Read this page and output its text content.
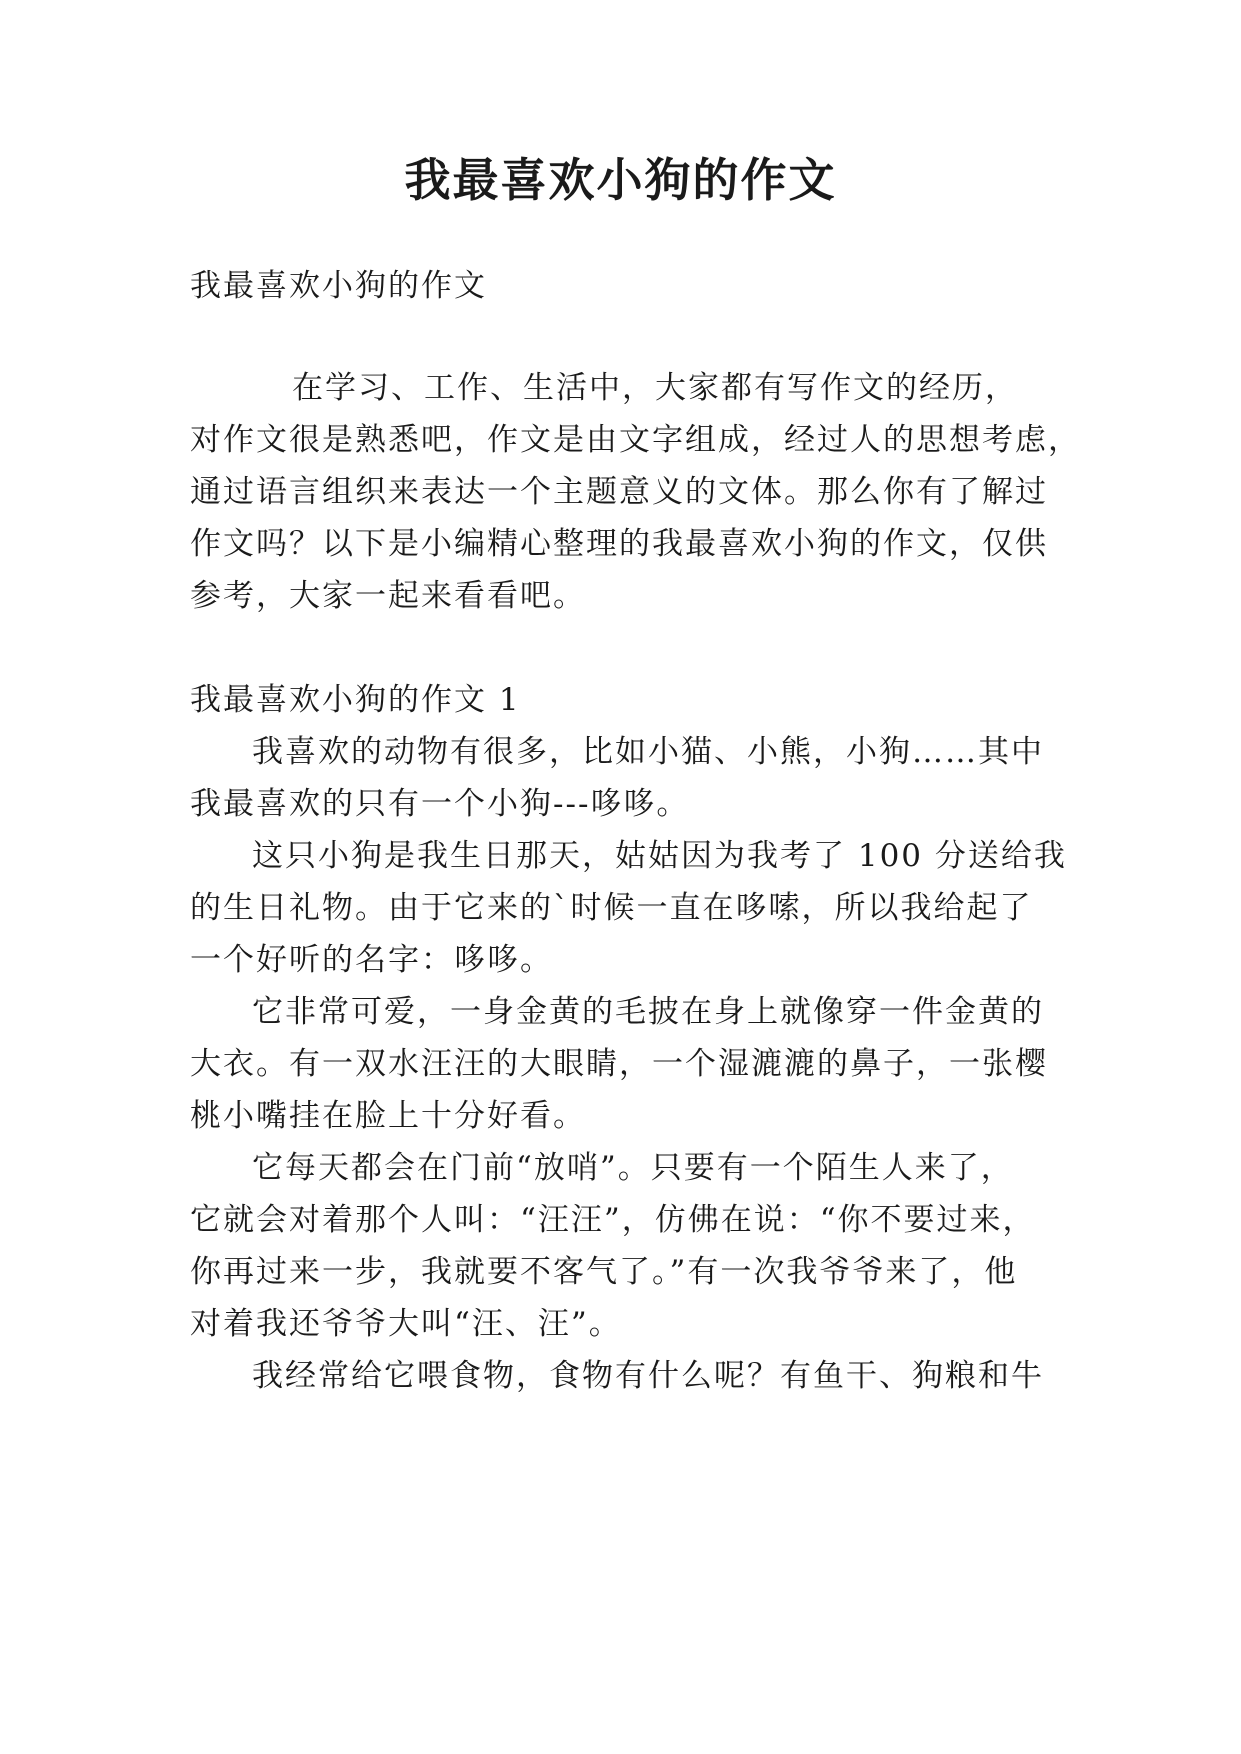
我最喜欢小狗的作文
我最喜欢小狗的作文
在学习、工作、生活中，大家都有写作文的经历，
对作文很是熟悉吧，作文是由文字组成，经过人的思想考虑，
通过语言组织来表达一个主题意义的文体。那么你有了解过
作文吗？以下是小编精心整理的我最喜欢小狗的作文，仅供
参考，大家一起来看看吧。
我最喜欢小狗的作文 1
我喜欢的动物有很多，比如小猫、小熊，小狗……其中
我最喜欢的只有一个小狗---哆哆。
这只小狗是我生日那天，姑姑因为我考了 100 分送给我
的生日礼物。由于它来的`时候一直在哆嗦，所以我给起了
一个好听的名字：哆哆。
它非常可爱，一身金黄的毛披在身上就像穿一件金黄的
大衣。有一双水汪汪的大眼睛，一个湿漉漉的鼻子，一张樱
桃小嘴挂在脸上十分好看。
它每天都会在门前“放哨”。只要有一个陌生人来了，
它就会对着那个人叫：“汪汪”，仿佛在说：“你不要过来，
你再过来一步，我就要不客气了。”有一次我爷爷来了，他
对着我还爷爷大叫“汪、汪”。
我经常给它喂食物，食物有什么呢？有鱼干、狗粮和牛
